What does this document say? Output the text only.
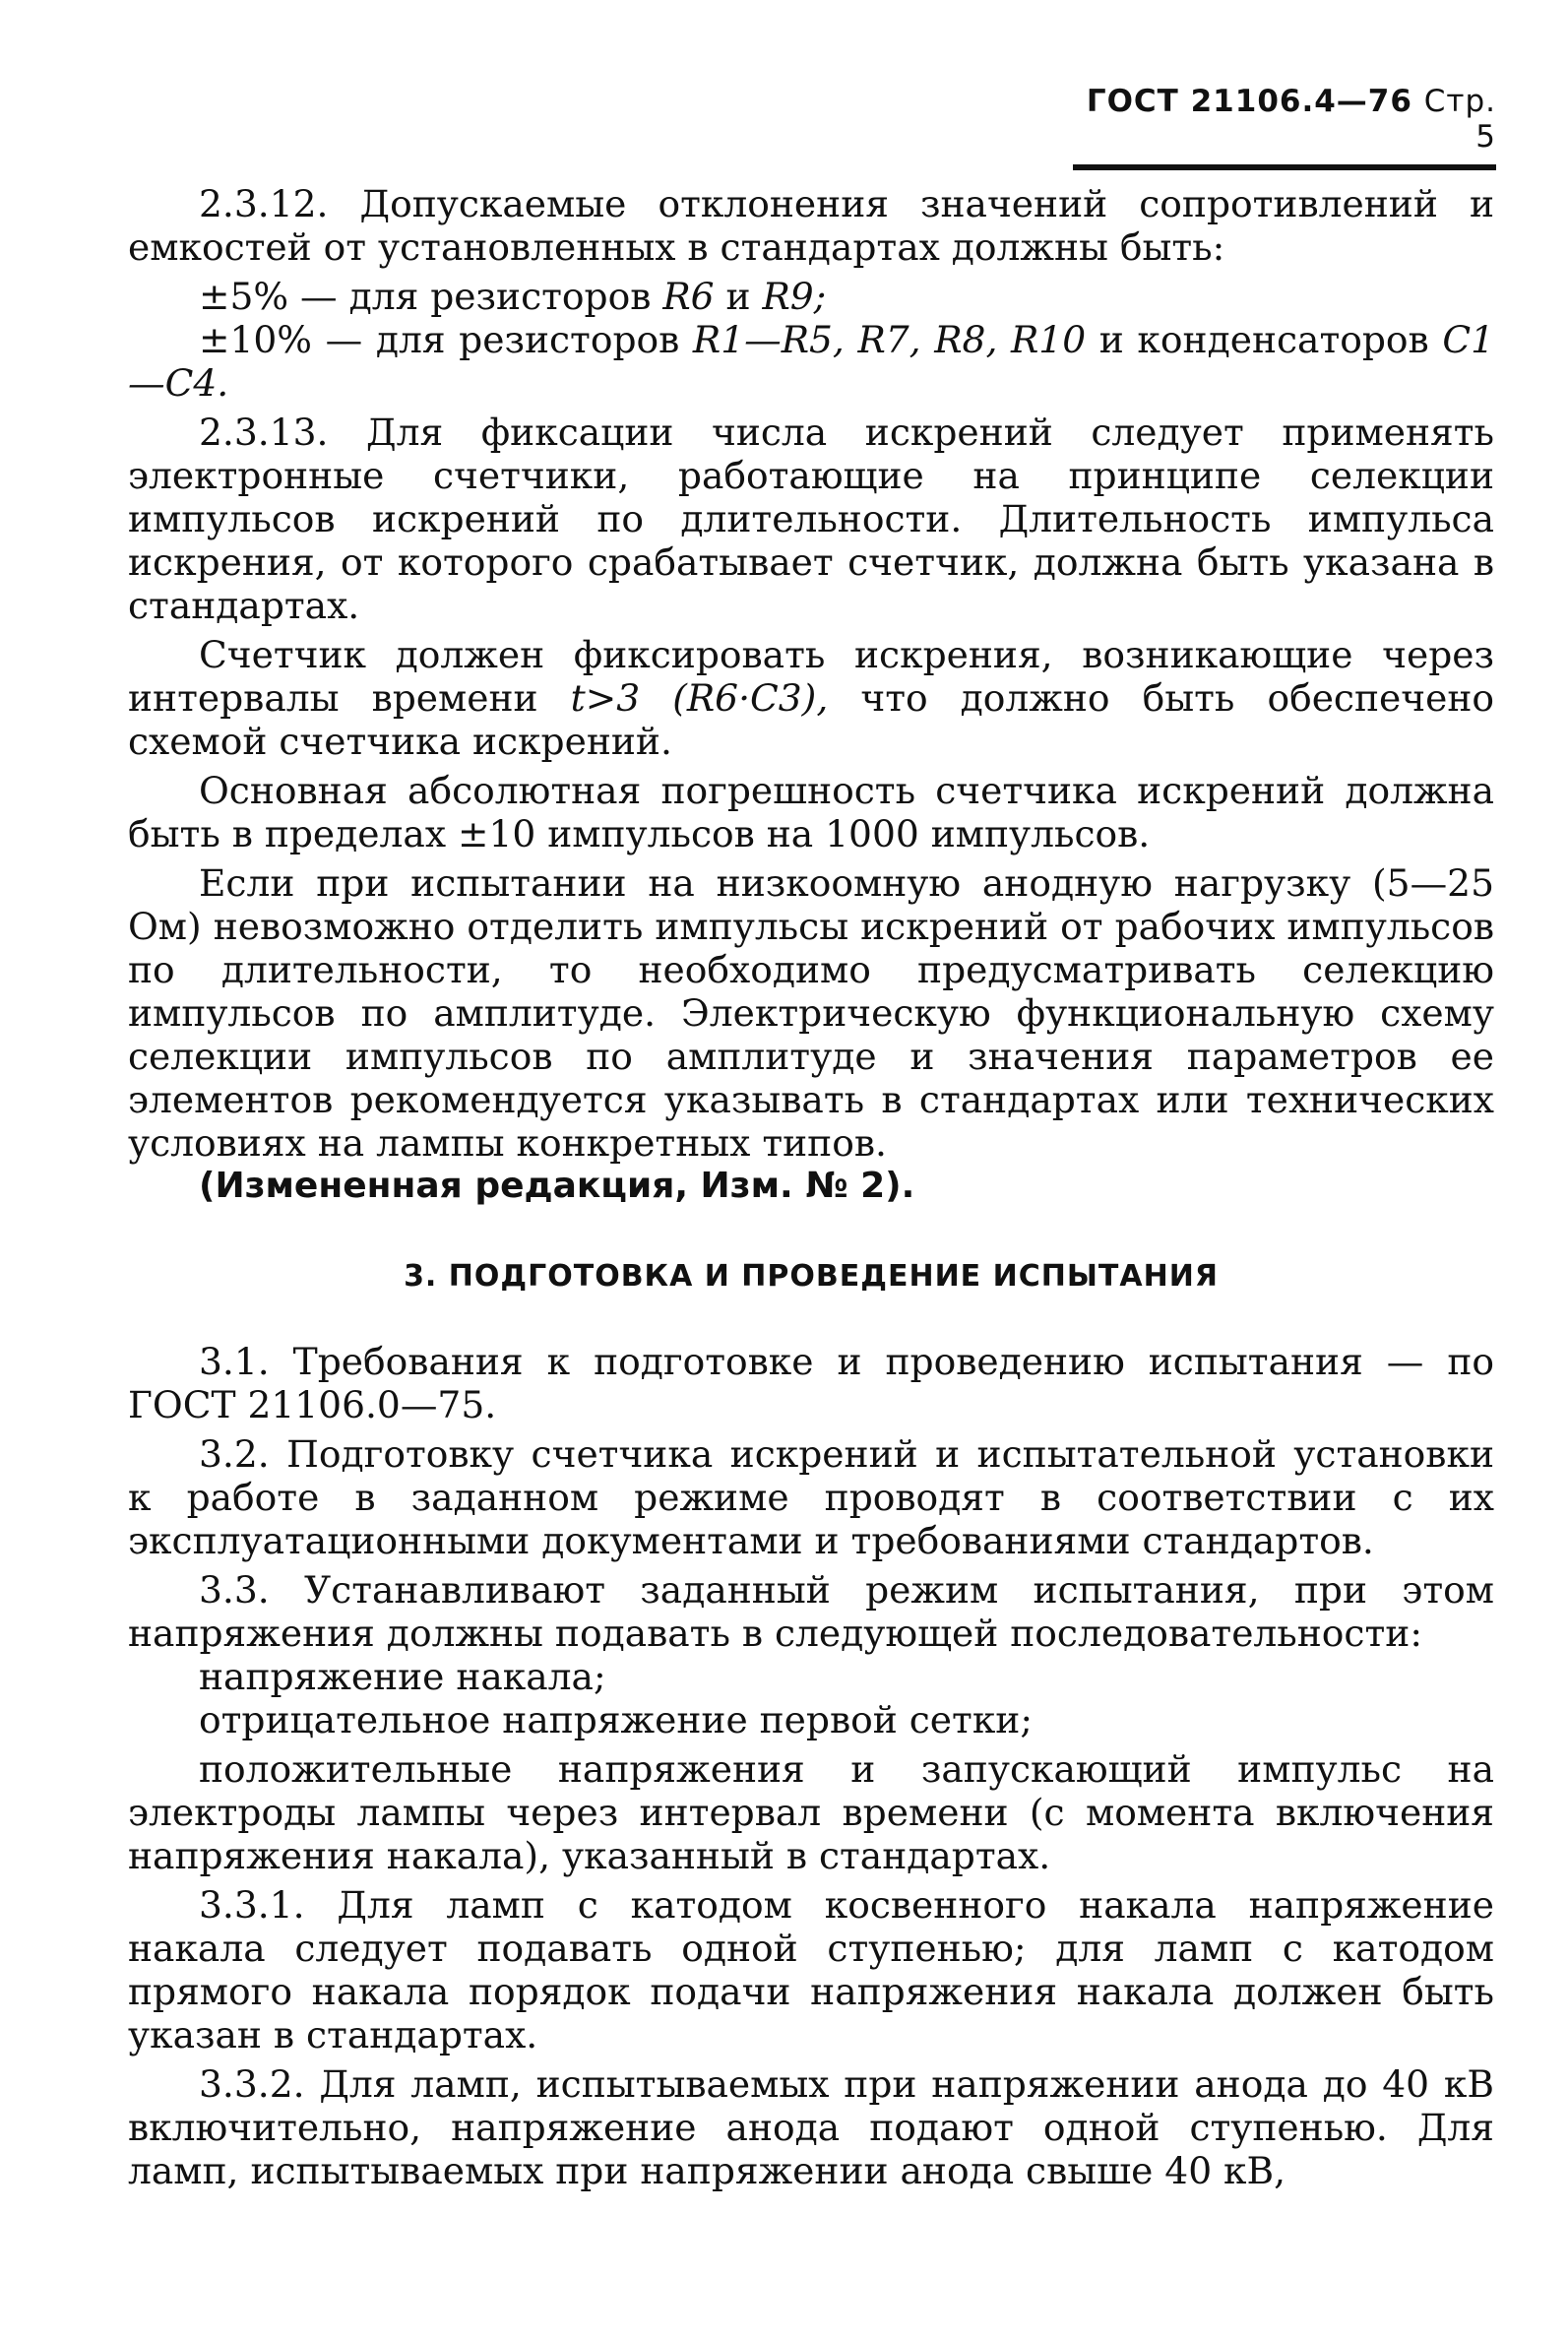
ГОСТ 21106.4—76 Стр. 5

2.3.12. Допускаемые отклонения значений сопротивлений и емкостей от установленных в стандартах должны быть:

±5% — для резисторов R6 и R9;

±10% — для резисторов R1—R5, R7, R8, R10 и конденсаторов C1—C4.

2.3.13. Для фиксации числа искрений следует применять электронные счетчики, работающие на принципе селекции импульсов искрений по длительности. Длительность импульса искрения, от которого срабатывает счетчик, должна быть указана в стандартах.

Счетчик должен фиксировать искрения, возникающие через интервалы времени t>3 (R6·C3), что должно быть обеспечено схемой счетчика искрений.

Основная абсолютная погрешность счетчика искрений должна быть в пределах ±10 импульсов на 1000 импульсов.

Если при испытании на низкоомную анодную нагрузку (5—25 Ом) невозможно отделить импульсы искрений от рабочих импульсов по длительности, то необходимо предусматривать селекцию импульсов по амплитуде. Электрическую функциональную схему селекции импульсов по амплитуде и значения параметров ее элементов рекомендуется указывать в стандартах или технических условиях на лампы конкретных типов.

(Измененная редакция, Изм. № 2).

3. ПОДГОТОВКА И ПРОВЕДЕНИЕ ИСПЫТАНИЯ

3.1. Требования к подготовке и проведению испытания — по ГОСТ 21106.0—75.

3.2. Подготовку счетчика искрений и испытательной установки к работе в заданном режиме проводят в соответствии с их эксплуатационными документами и требованиями стандартов.

3.3. Устанавливают заданный режим испытания, при этом напряжения должны подавать в следующей последовательности:

напряжение накала;

отрицательное напряжение первой сетки;

положительные напряжения и запускающий импульс на электроды лампы через интервал времени (с момента включения напряжения накала), указанный в стандартах.

3.3.1. Для ламп с катодом косвенного накала напряжение накала следует подавать одной ступенью; для ламп с катодом прямого накала порядок подачи напряжения накала должен быть указан в стандартах.

3.3.2. Для ламп, испытываемых при напряжении анода до 40 кВ включительно, напряжение анода подают одной ступенью. Для ламп, испытываемых при напряжении анода свыше 40 кВ,
